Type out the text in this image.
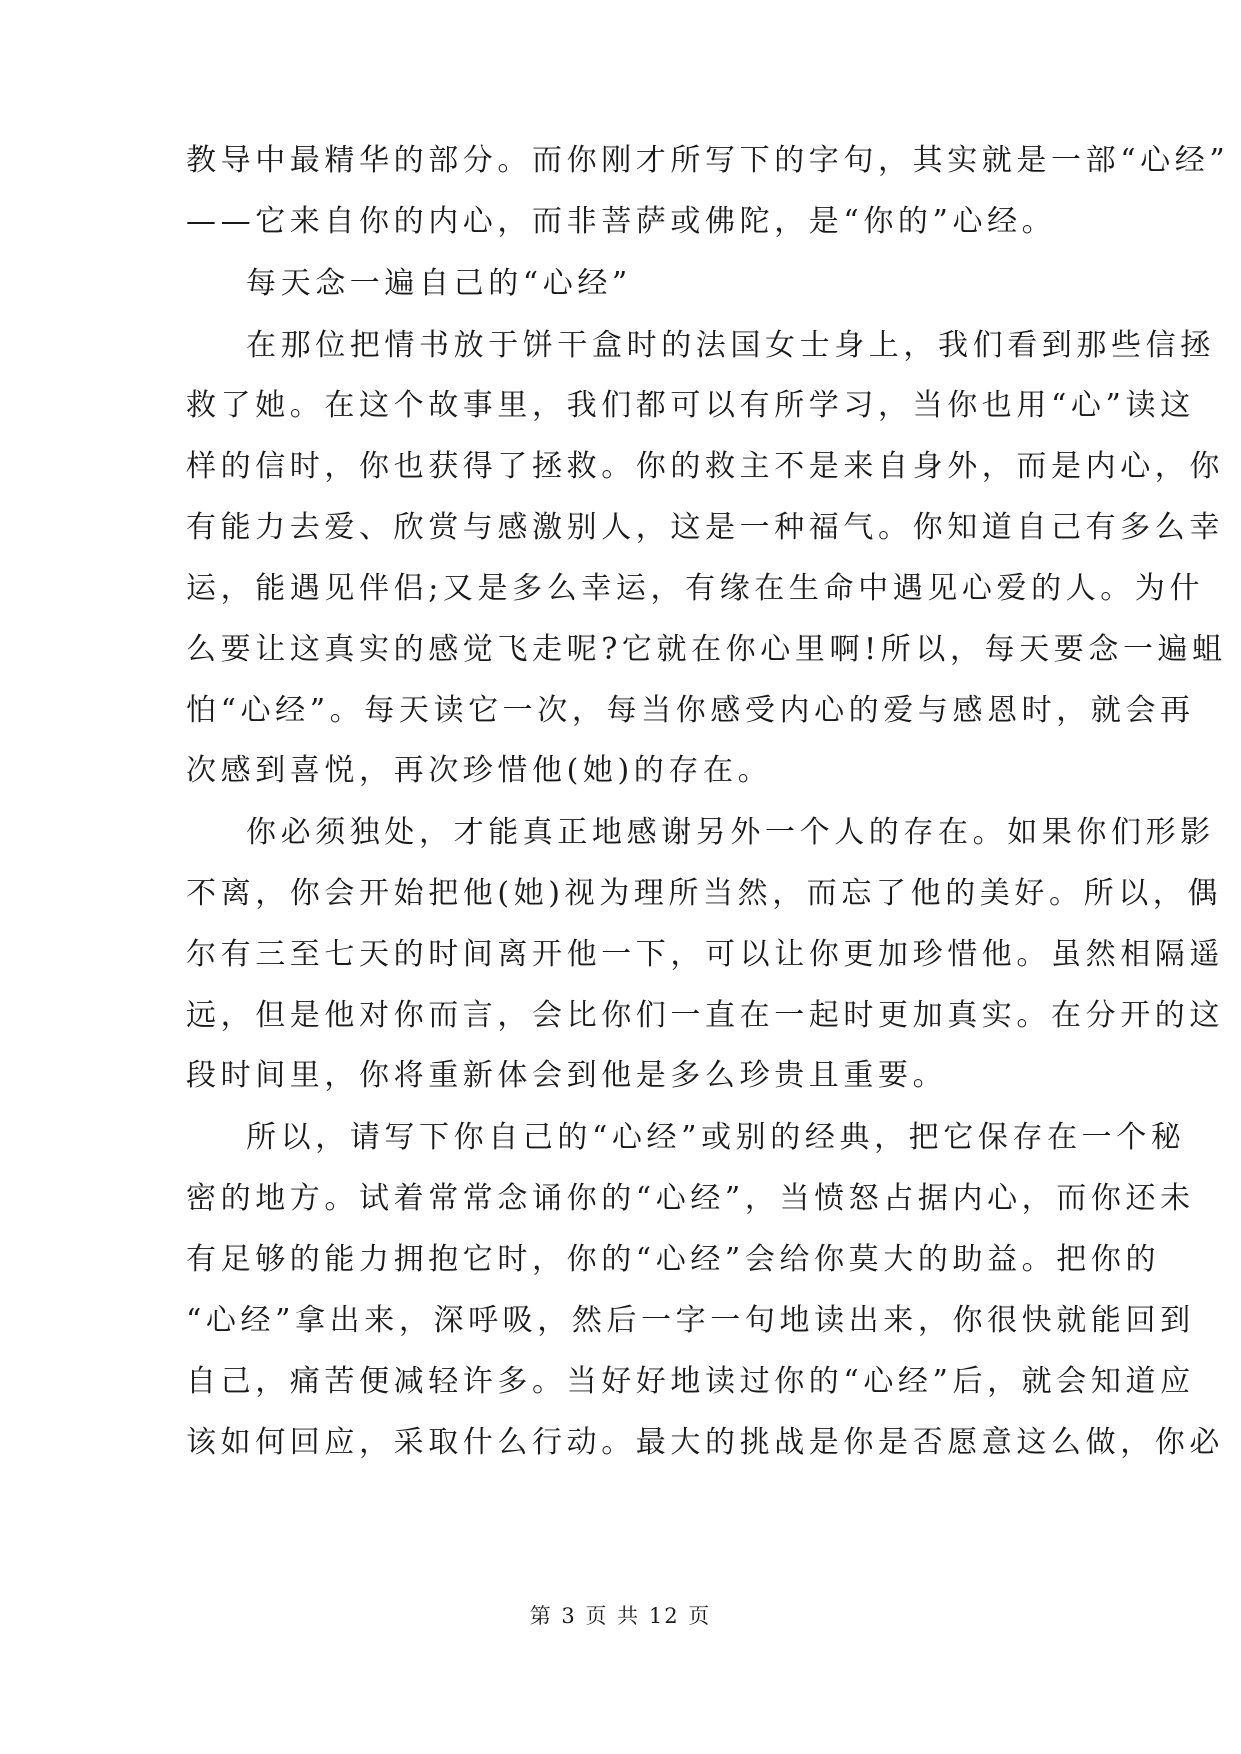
教导中最精华的部分。而你刚才所写下的字句，其实就是一部“心经”
——它来自你的内心，而非菩萨或佛陀，是“你的”心经。
每天念一遍自己的“心经”
在那位把情书放于饼干盒时的法国女士身上，我们看到那些信拯
救了她。在这个故事里，我们都可以有所学习，当你也用“心”读这
样的信时，你也获得了拯救。你的救主不是来自身外，而是内心，你
有能力去爱、欣赏与感激别人，这是一种福气。你知道自己有多么幸
运，能遇见伴侣;又是多么幸运，有缘在生命中遇见心爱的人。为什
么要让这真实的感觉飞走呢?它就在你心里啊!所以，每天要念一遍蛆
怕“心经”。每天读它一次，每当你感受内心的爱与感恩时，就会再
次感到喜悦，再次珍惜他(她)的存在。
你必须独处，才能真正地感谢另外一个人的存在。如果你们形影
不离，你会开始把他(她)视为理所当然，而忘了他的美好。所以，偶
尔有三至七天的时间离开他一下，可以让你更加珍惜他。虽然相隔遥
远，但是他对你而言，会比你们一直在一起时更加真实。在分开的这
段时间里，你将重新体会到他是多么珍贵且重要。
所以，请写下你自己的“心经”或别的经典，把它保存在一个秘
密的地方。试着常常念诵你的“心经”，当愤怒占据内心，而你还未
有足够的能力拥抱它时，你的“心经”会给你莫大的助益。把你的
“心经”拿出来，深呼吸，然后一字一句地读出来，你很快就能回到
自己，痛苦便减轻许多。当好好地读过你的“心经”后，就会知道应
该如何回应，采取什么行动。最大的挑战是你是否愿意这么做，你必
第 3 页 共 12 页
